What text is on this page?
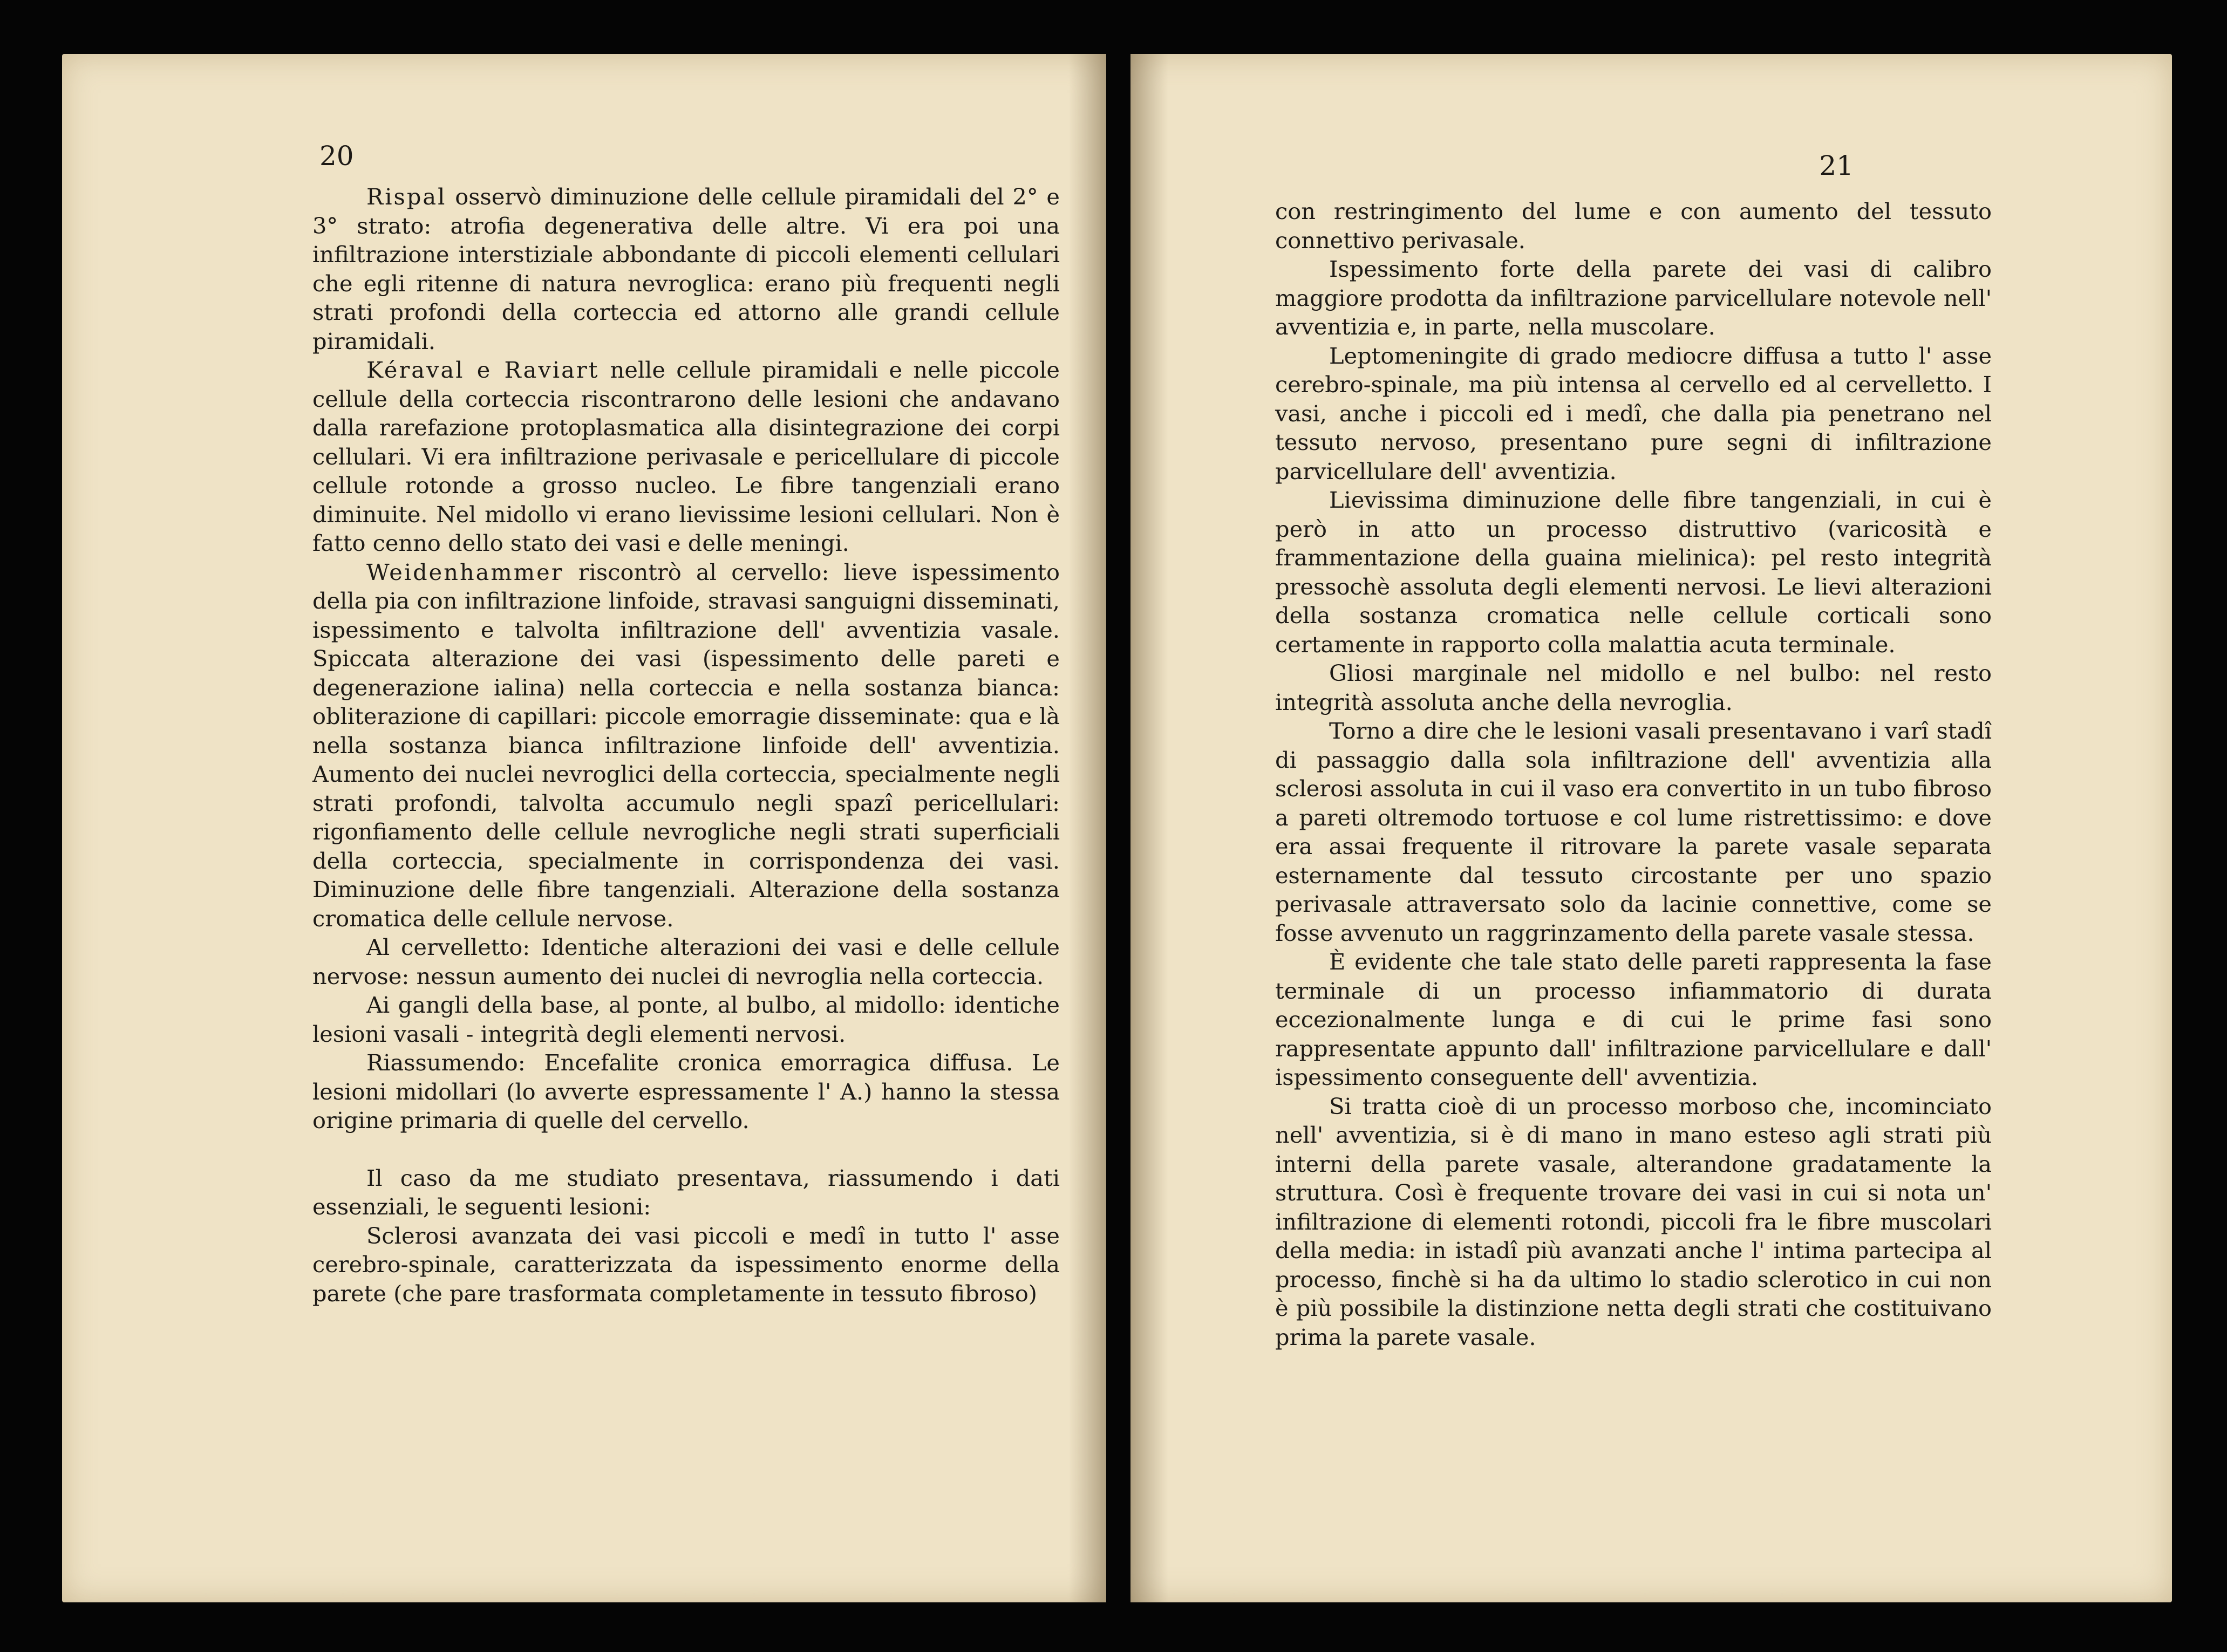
20

Rispal osservò diminuzione delle cellule piramidali del 2° e 3° strato: atrofia degenerativa delle altre. Vi era poi una infiltrazione interstiziale abbondante di piccoli elementi cellulari che egli ritenne di natura nevroglica: erano più frequenti negli strati profondi della corteccia ed attorno alle grandi cellule piramidali.

Kéraval e Raviart nelle cellule piramidali e nelle piccole cellule della corteccia riscontrarono delle lesioni che andavano dalla rarefazione protoplasmatica alla disintegrazione dei corpi cellulari. Vi era infiltrazione perivasale e pericellulare di piccole cellule rotonde a grosso nucleo. Le fibre tangenziali erano diminuite. Nel midollo vi erano lievissime lesioni cellulari. Non è fatto cenno dello stato dei vasi e delle meningi.

Weidenhammer riscontrò al cervello: lieve ispessimento della pia con infiltrazione linfoide, stravasi sanguigni disseminati, ispessimento e talvolta infiltrazione dell' avventizia vasale. Spiccata alterazione dei vasi (ispessimento delle pareti e degenerazione ialina) nella corteccia e nella sostanza bianca: obliterazione di capillari: piccole emorragie disseminate: qua e là nella sostanza bianca infiltrazione linfoide dell' avventizia. Aumento dei nuclei nevroglici della corteccia, specialmente negli strati profondi, talvolta accumulo negli spazî pericellulari: rigonfiamento delle cellule nevrogliche negli strati superficiali della corteccia, specialmente in corrispondenza dei vasi. Diminuzione delle fibre tangenziali. Alterazione della sostanza cromatica delle cellule nervose.

Al cervelletto: Identiche alterazioni dei vasi e delle cellule nervose: nessun aumento dei nuclei di nevroglia nella corteccia.

Ai gangli della base, al ponte, al bulbo, al midollo: identiche lesioni vasali - integrità degli elementi nervosi.

Riassumendo: Encefalite cronica emorragica diffusa. Le lesioni midollari (lo avverte espressamente l' A.) hanno la stessa origine primaria di quelle del cervello.

Il caso da me studiato presentava, riassumendo i dati essenziali, le seguenti lesioni:

Sclerosi avanzata dei vasi piccoli e medî in tutto l' asse cerebro-spinale, caratterizzata da ispessimento enorme della parete (che pare trasformata completamente in tessuto fibroso)

21

con restringimento del lume e con aumento del tessuto connettivo perivasale.

Ispessimento forte della parete dei vasi di calibro maggiore prodotta da infiltrazione parvicellulare notevole nell' avventizia e, in parte, nella muscolare.

Leptomeningite di grado mediocre diffusa a tutto l' asse cerebro-spinale, ma più intensa al cervello ed al cervelletto. I vasi, anche i piccoli ed i medî, che dalla pia penetrano nel tessuto nervoso, presentano pure segni di infiltrazione parvicellulare dell' avventizia.

Lievissima diminuzione delle fibre tangenziali, in cui è però in atto un processo distruttivo (varicosità e frammentazione della guaina mielinica): pel resto integrità pressochè assoluta degli elementi nervosi. Le lievi alterazioni della sostanza cromatica nelle cellule corticali sono certamente in rapporto colla malattia acuta terminale.

Gliosi marginale nel midollo e nel bulbo: nel resto integrità assoluta anche della nevroglia.

Torno a dire che le lesioni vasali presentavano i varî stadî di passaggio dalla sola infiltrazione dell' avventizia alla sclerosi assoluta in cui il vaso era convertito in un tubo fibroso a pareti oltremodo tortuose e col lume ristrettissimo: e dove era assai frequente il ritrovare la parete vasale separata esternamente dal tessuto circostante per uno spazio perivasale attraversato solo da lacinie connettive, come se fosse avvenuto un raggrinzamento della parete vasale stessa.

È evidente che tale stato delle pareti rappresenta la fase terminale di un processo infiammatorio di durata eccezionalmente lunga e di cui le prime fasi sono rappresentate appunto dall' infiltrazione parvicellulare e dall' ispessimento conseguente dell' avventizia.

Si tratta cioè di un processo morboso che, incominciato nell' avventizia, si è di mano in mano esteso agli strati più interni della parete vasale, alterandone gradatamente la struttura. Così è frequente trovare dei vasi in cui si nota un' infiltrazione di elementi rotondi, piccoli fra le fibre muscolari della media: in istadî più avanzati anche l' intima partecipa al processo, finchè si ha da ultimo lo stadio sclerotico in cui non è più possibile la distinzione netta degli strati che costituivano prima la parete vasale.
